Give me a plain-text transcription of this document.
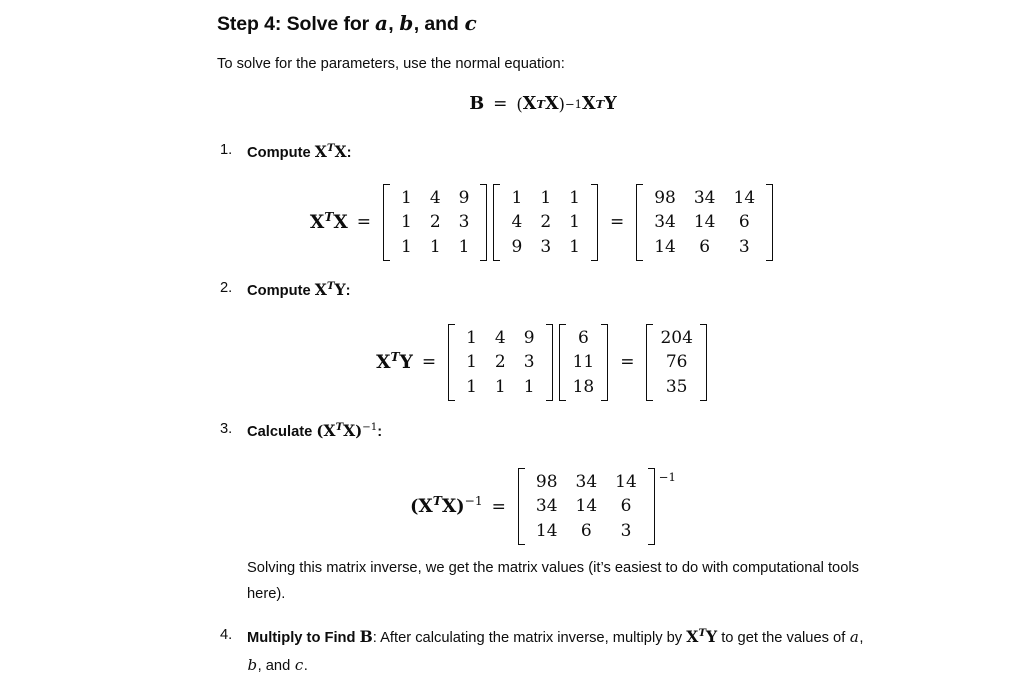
Step 4: Solve for a, b, and c

To solve for the parameters, use the normal equation:

B = ( X T X ) −1 X T Y
1.	Compute $X^TX$:
$X^TX$ =
1	4	9
1	2	3
1	1	1
1	1	1
4	2	1
9	3	1
=
98	34	14
34	14	6
14	6	3
2.	Compute $X^TY$:
$X^TY$ =
1	4	9
1	2	3
1	1	1
6
11
18
=
204
76
35
3.	Calculate $(X^TX)^{-1}$:
$(X^TX)^{-1}$ =
98	34	14
34	14	6
14	6	3
−1

Solving this matrix inverse, we get the matrix values (it’s easiest to do with computational tools here).

4.	Multiply to Find B: After calculating the matrix inverse, multiply by $X^TY$ to get the values of a, b, and c.
